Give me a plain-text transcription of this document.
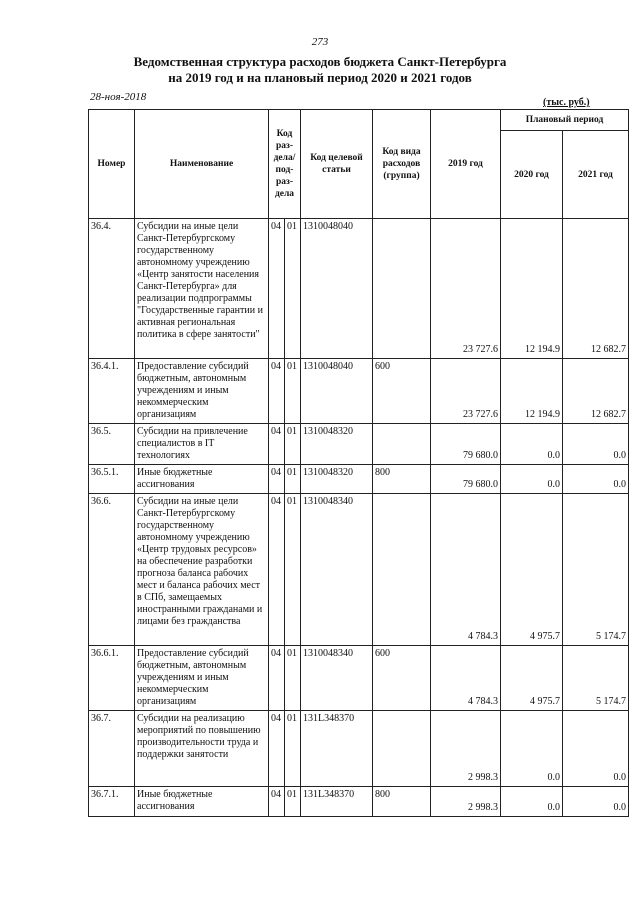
273
Ведомственная структура расходов бюджета Санкт-Петербурга
на 2019 год и на плановый период 2020 и 2021 годов
28-ноя-2018	(тыс. руб.)
Номер	Наименование	Код раз-дела/ под-раз-дела		Код целевой статьи	Код вида расходов (группа)	2019 год	Плановый период	
							2020 год	2021 год
36.4.	Субсидии на иные цели Санкт-Петербургскому государственному автономному учреждению «Центр занятости населения Санкт-Петербурга» для реализации подпрограммы "Государственные гарантии и активная региональная политика в сфере занятости"	04	01	1310048040		23 727.6	12 194.9	12 682.7
36.4.1.	Предоставление субсидий бюджетным, автономным учреждениям и иным некоммерческим организациям	04	01	1310048040	600	23 727.6	12 194.9	12 682.7
36.5.	Субсидии на привлечение специалистов в IT технологиях	04	01	1310048320		79 680.0	0.0	0.0
36.5.1.	Иные бюджетные ассигнования	04	01	1310048320	800	79 680.0	0.0	0.0
36.6.	Субсидии на иные цели Санкт-Петербургскому государственному автономному учреждению «Центр трудовых ресурсов» на обеспечение разработки прогноза баланса рабочих мест и баланса рабочих мест в СПб, замещаемых иностранными гражданами и лицами без гражданства	04	01	1310048340		4 784.3	4 975.7	5 174.7
36.6.1.	Предоставление субсидий бюджетным, автономным учреждениям и иным некоммерческим организациям	04	01	1310048340	600	4 784.3	4 975.7	5 174.7
36.7.	Субсидии на реализацию мероприятий по повышению производительности труда и поддержки занятости	04	01	131L348370		2 998.3	0.0	0.0
36.7.1.	Иные бюджетные ассигнования	04	01	131L348370	800	2 998.3	0.0	0.0
